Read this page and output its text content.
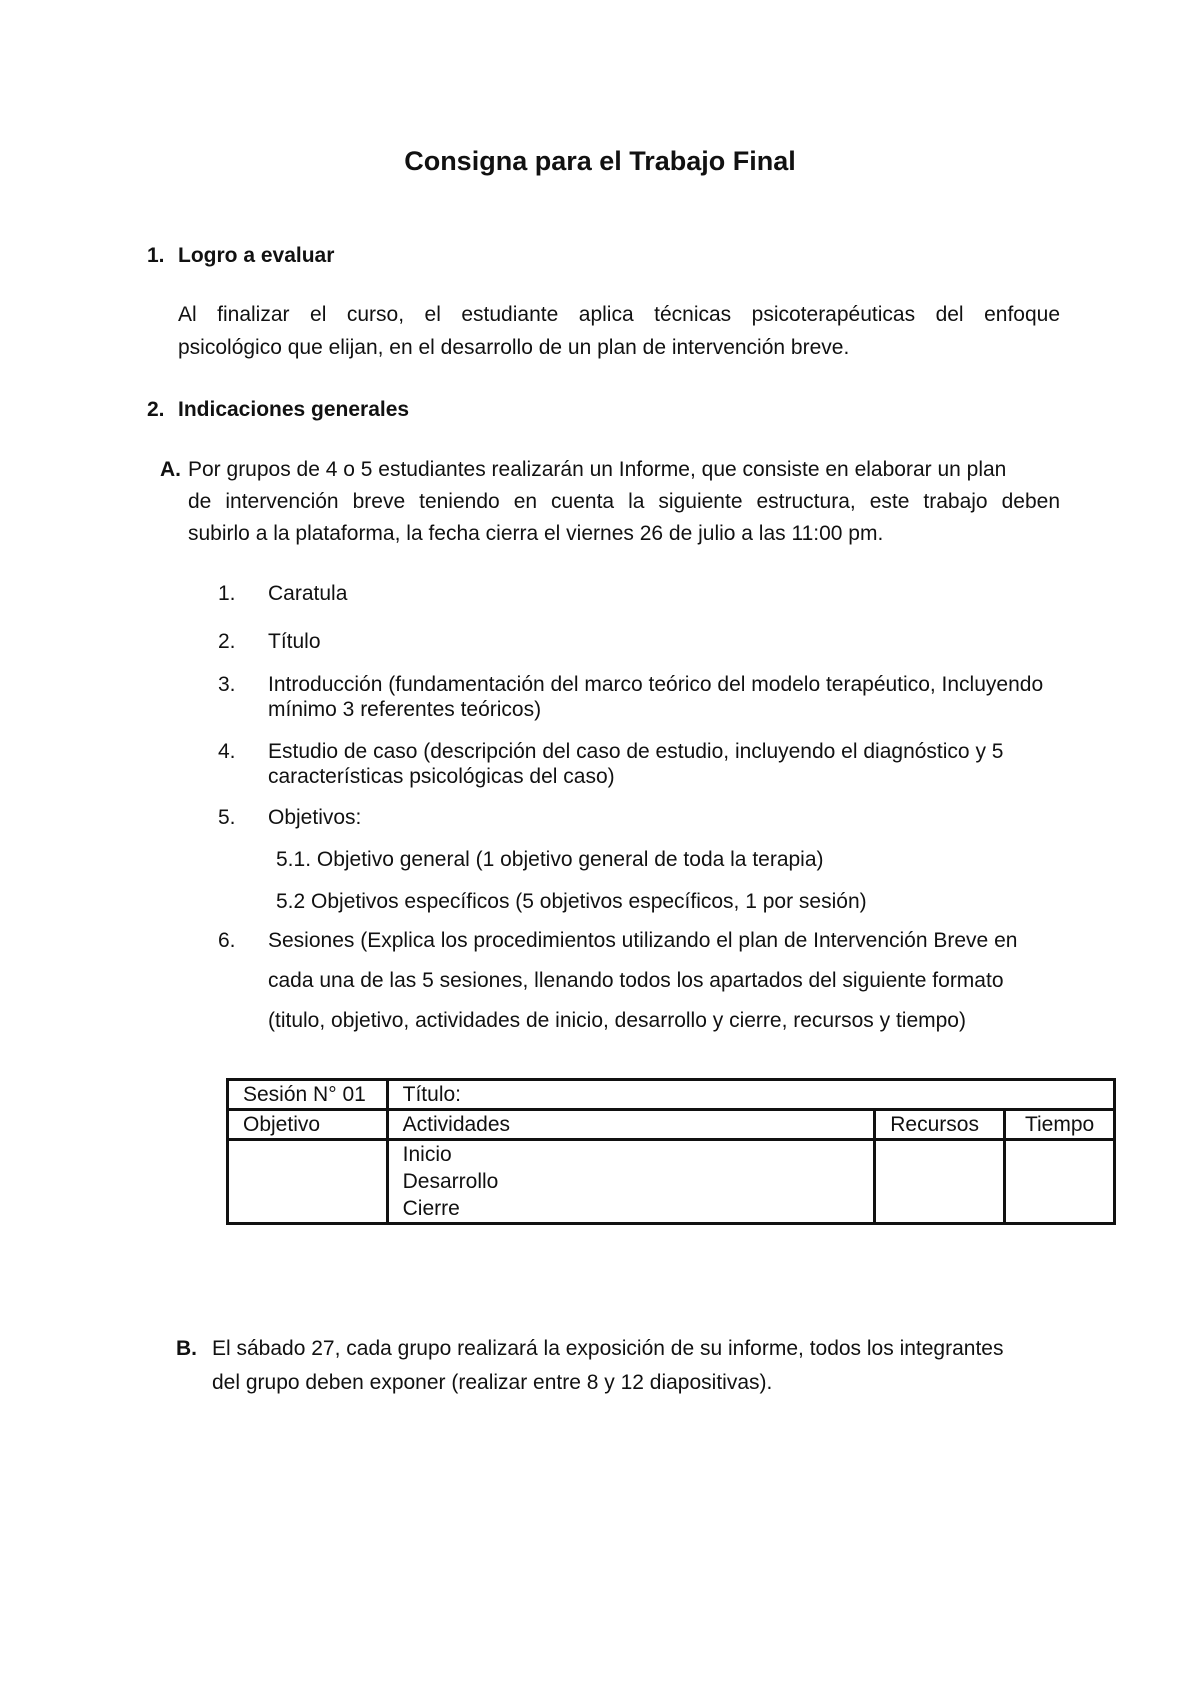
Consigna para el Trabajo Final
1. Logro a evaluar
Al finalizar el curso, el estudiante aplica técnicas psicoterapéuticas del enfoque
psicológico que elijan, en el desarrollo de un plan de intervención breve.
2. Indicaciones generales
A. Por grupos de 4 o 5 estudiantes realizarán un Informe, que consiste en elaborar un plan
de intervención breve teniendo en cuenta la siguiente estructura, este trabajo deben
subirlo a la plataforma, la fecha cierra el viernes 26 de julio a las 11:00 pm.
1. Caratula
2. Título
3. Introducción (fundamentación del marco teórico del modelo terapéutico, Incluyendo
mínimo 3 referentes teóricos)
4. Estudio de caso (descripción del caso de estudio, incluyendo el diagnóstico y 5
características psicológicas del caso)
5. Objetivos:
5.1. Objetivo general (1 objetivo general de toda la terapia)
5.2 Objetivos específicos (5 objetivos específicos, 1 por sesión)
6. Sesiones (Explica los procedimientos utilizando el plan de Intervención Breve en
cada una de las 5 sesiones, llenando todos los apartados del siguiente formato
(titulo, objetivo, actividades de inicio, desarrollo y cierre, recursos y tiempo)
Sesión N° 01	Título:		
Objetivo	Actividades	Recursos	Tiempo

	Inicio
Desarrollo
Cierre		

B. El sábado 27, cada grupo realizará la exposición de su informe, todos los integrantes
del grupo deben exponer (realizar entre 8 y 12 diapositivas).
